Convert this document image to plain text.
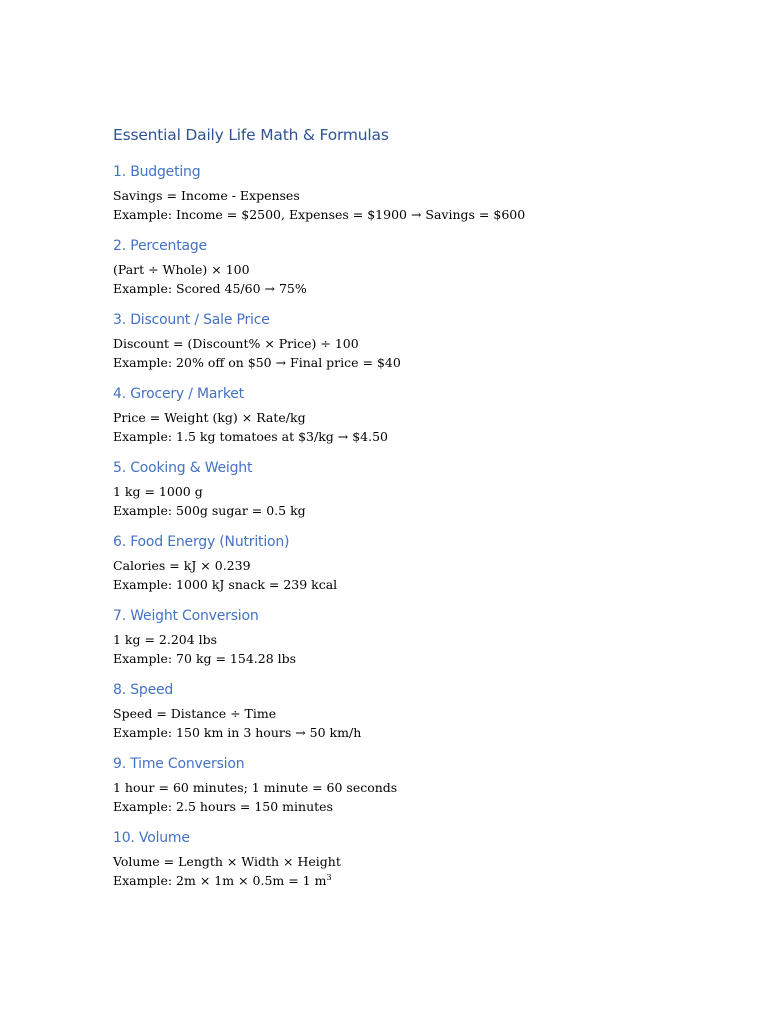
Essential Daily Life Math & Formulas
1. Budgeting

Savings = Income - Expenses

Example: Income = $2500, Expenses = $1900 → Savings = $600

2. Percentage

(Part ÷ Whole) × 100

Example: Scored 45/60 → 75%

3. Discount / Sale Price

Discount = (Discount% × Price) ÷ 100

Example: 20% off on $50 → Final price = $40

4. Grocery / Market

Price = Weight (kg) × Rate/kg

Example: 1.5 kg tomatoes at $3/kg → $4.50

5. Cooking & Weight

1 kg = 1000 g

Example: 500g sugar = 0.5 kg

6. Food Energy (Nutrition)

Calories = kJ × 0.239

Example: 1000 kJ snack = 239 kcal

7. Weight Conversion

1 kg = 2.204 lbs

Example: 70 kg = 154.28 lbs

8. Speed

Speed = Distance ÷ Time

Example: 150 km in 3 hours → 50 km/h

9. Time Conversion

1 hour = 60 minutes; 1 minute = 60 seconds

Example: 2.5 hours = 150 minutes

10. Volume

Volume = Length × Width × Height

Example: 2m × 1m × 0.5m = 1 $m^3$
